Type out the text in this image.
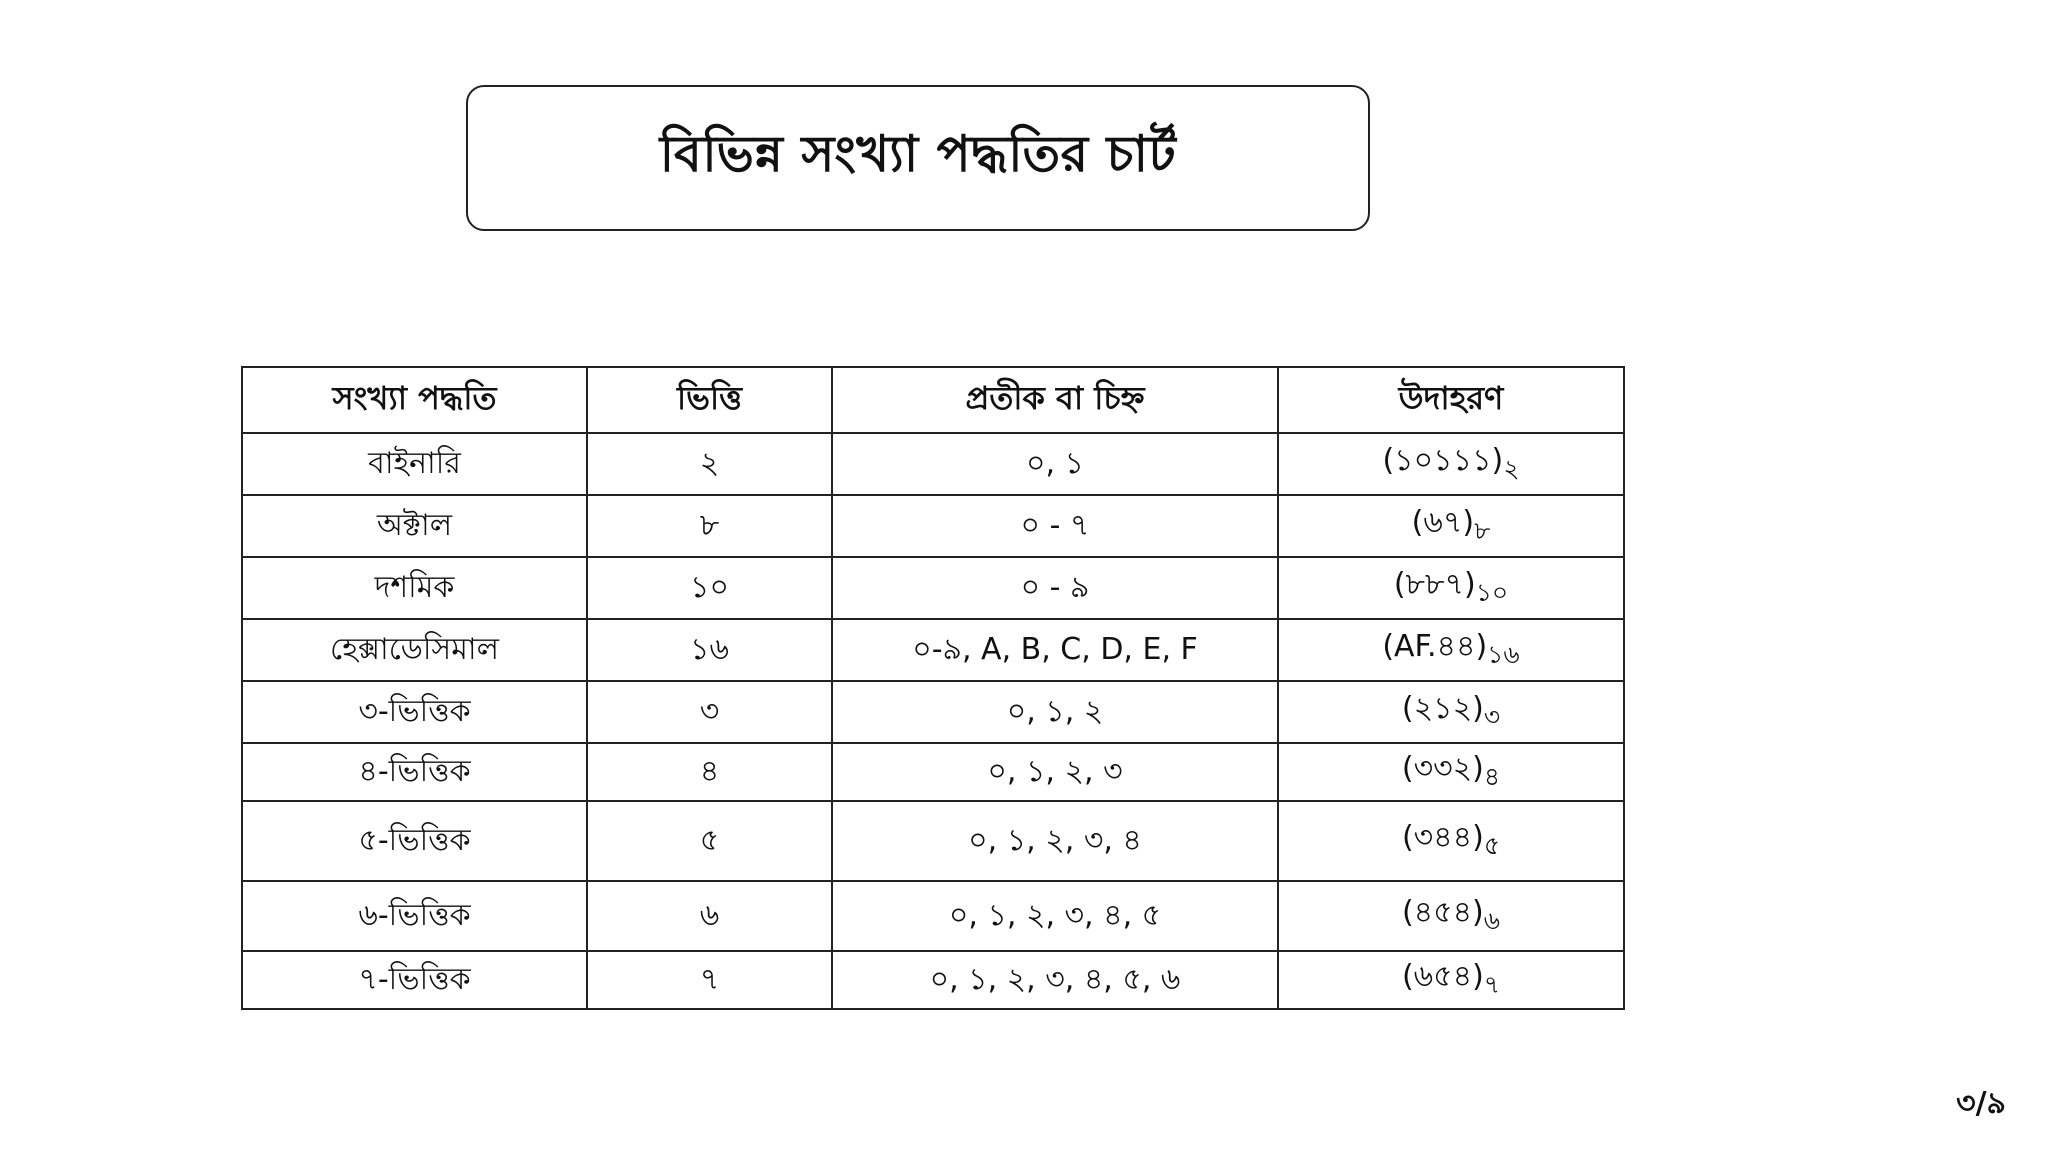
বিভিন্ন সংখ্যা পদ্ধতির চার্ট
সংখ্যা পদ্ধতি	ভিত্তি	প্রতীক বা চিহ্ন	উদাহরণ
বাইনারি	২	০, ১	$(১০১১১)_২$
অক্টাল	৮	০ - ৭	$(৬৭)_৮$
দশমিক	১০	০ - ৯	$(৮৮৭)_{১০}$
হেক্সাডেসিমাল	১৬	০-৯, A, B, C, D, E, F	$(AF.৪৪)_{১৬}$
৩-ভিত্তিক	৩	০, ১, ২	$(২১২)_৩$
৪-ভিত্তিক	৪	০, ১, ২, ৩	$(৩৩২)_৪$
৫-ভিত্তিক	৫	০, ১, ২, ৩, ৪	$(৩৪৪)_৫$
৬-ভিত্তিক	৬	০, ১, ২, ৩, ৪, ৫	$(৪৫৪)_৬$
৭-ভিত্তিক	৭	০, ১, ২, ৩, ৪, ৫, ৬	$(৬৫৪)_৭$
৩/৯
